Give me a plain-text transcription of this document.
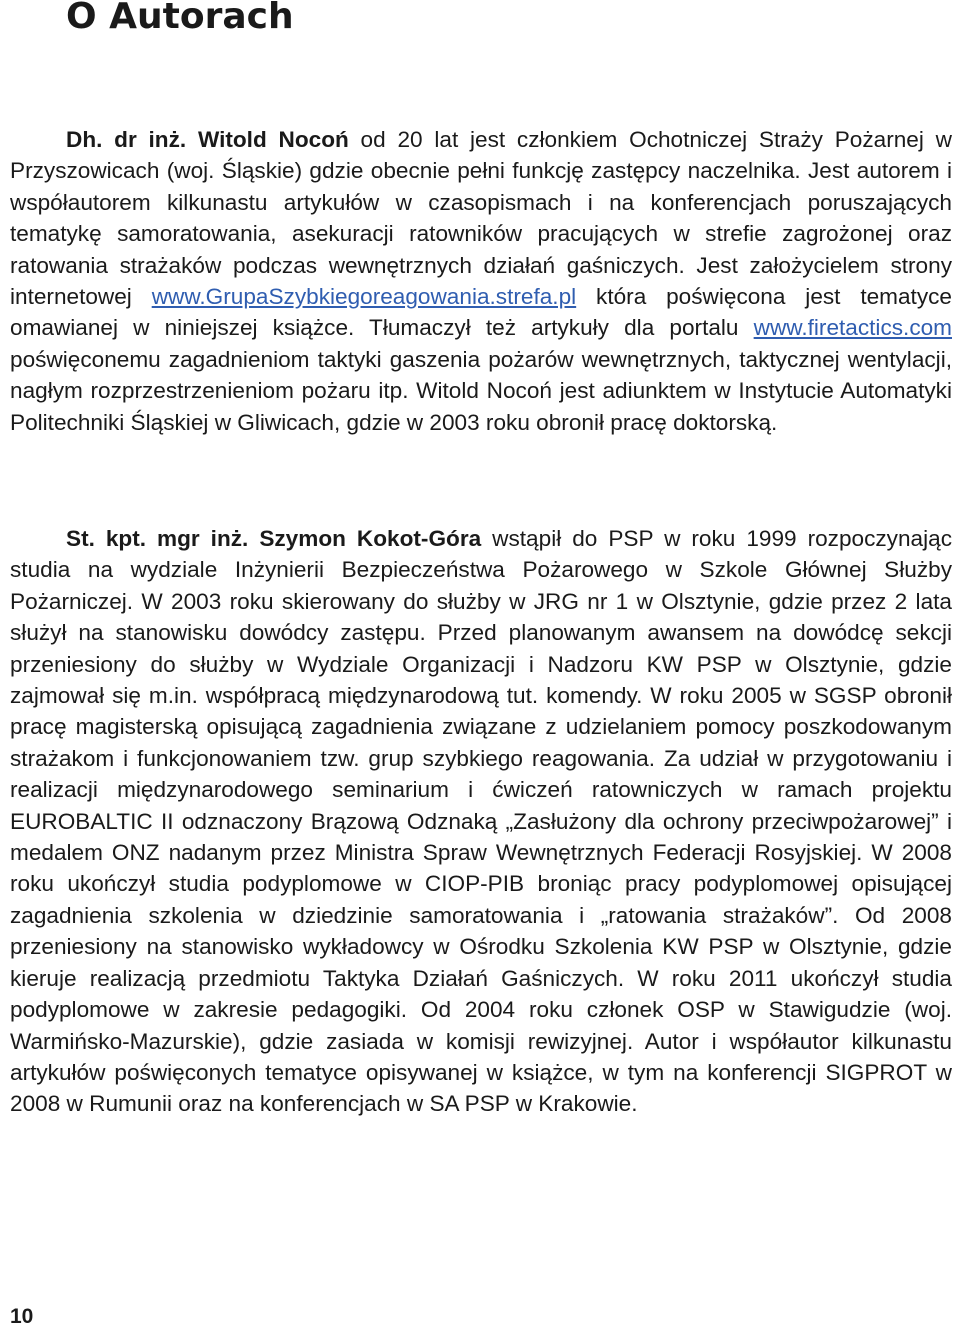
O Autorach

Dh. dr inż. Witold Nocoń od 20 lat jest członkiem Ochotniczej Straży Pożarnej w Przyszowicach (woj. Śląskie) gdzie obecnie pełni funkcję zastępcy naczelnika. Jest autorem i współautorem kilkunastu artykułów w czasopismach i na konferencjach poruszających tematykę samoratowania, asekuracji ratowników pracujących w strefie zagrożonej oraz ratowania strażaków podczas wewnętrznych działań gaśniczych. Jest założycielem strony internetowej www.GrupaSzybkiegoreagowania.strefa.pl która poświęcona jest tematyce omawianej w niniejszej książce. Tłumaczył też artykuły dla portalu www.firetactics.com poświęconemu zagadnieniom taktyki gaszenia pożarów wewnętrznych, taktycznej wentylacji, nagłym rozprzestrzenieniom pożaru itp. Witold Nocoń jest adiunktem w Instytucie Automatyki Politechniki Śląskiej w Gliwicach, gdzie w 2003 roku obronił pracę doktorską.

St. kpt. mgr inż. Szymon Kokot-Góra wstąpił do PSP w roku 1999 rozpoczynając studia na wydziale Inżynierii Bezpieczeństwa Pożarowego w Szkole Głównej Służby Pożarniczej. W 2003 roku skierowany do służby w JRG nr 1 w Olsztynie, gdzie przez 2 lata służył na stanowisku dowódcy zastępu. Przed planowanym awansem na dowódcę sekcji przeniesiony do służby w Wydziale Organizacji i Nadzoru KW PSP w Olsztynie, gdzie zajmował się m.in. współpracą międzynarodową tut. komendy. W roku 2005 w SGSP obronił pracę magisterską opisującą zagadnienia związane z udzielaniem pomocy poszkodowanym strażakom i funkcjonowaniem tzw. grup szybkiego reagowania. Za udział w przygotowaniu i realizacji międzynarodowego seminarium i ćwiczeń ratowniczych w ramach projektu EUROBALTIC II odznaczony Brązową Odznaką „Zasłużony dla ochrony przeciwpożarowej” i medalem ONZ nadanym przez Ministra Spraw Wewnętrznych Federacji Rosyjskiej. W 2008 roku ukończył studia podyplomowe w CIOP-PIB broniąc pracy podyplomowej opisującej zagadnienia szkolenia w dziedzinie samoratowania i „ratowania strażaków”. Od 2008 przeniesiony na stanowisko wykładowcy w Ośrodku Szkolenia KW PSP w Olsztynie, gdzie kieruje realizacją przedmiotu Taktyka Działań Gaśniczych. W roku 2011 ukończył studia podyplomowe w zakresie pedagogiki. Od 2004 roku członek OSP w Stawigudzie (woj. Warmińsko-Mazurskie), gdzie zasiada w komisji rewizyjnej. Autor i współautor kilkunastu artykułów poświęconych tematyce opisywanej w książce, w tym na konferencji SIGPROT w 2008 w Rumunii oraz na konferencjach w SA PSP w Krakowie.

10
